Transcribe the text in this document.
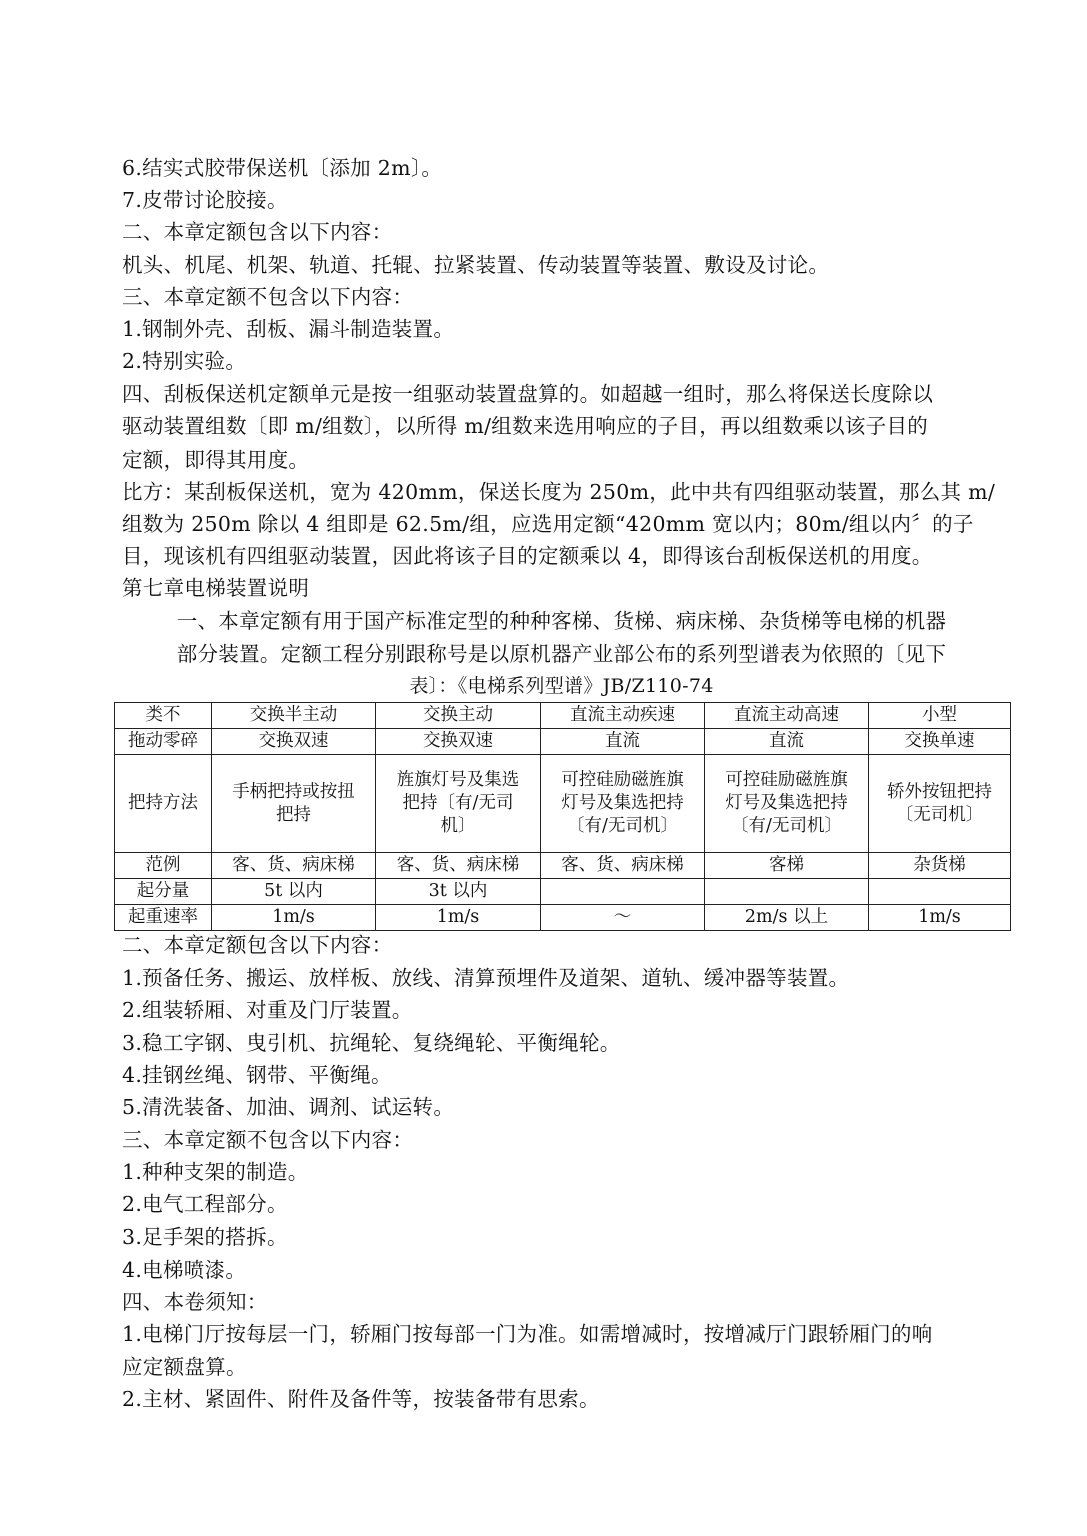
6.结实式胶带保送机〔添加 2m〕。
7.皮带讨论胶接。
二、本章定额包含以下内容：
机头、机尾、机架、轨道、托辊、拉紧装置、传动装置等装置、敷设及讨论。
三、本章定额不包含以下内容：
1.钢制外壳、刮板、漏斗制造装置。
2.特别实验。
四、刮板保送机定额单元是按一组驱动装置盘算的。如超越一组时，那么将保送长度除以
驱动装置组数〔即 m/组数〕，以所得 m/组数来选用响应的子目，再以组数乘以该子目的
定额，即得其用度。
比方：某刮板保送机，宽为 420mm，保送长度为 250m，此中共有四组驱动装置，那么其 m/
组数为 250m 除以 4 组即是 62.5m/组，应选用定额“420mm 宽以内；80m/组以内〞的子
目，现该机有四组驱动装置，因此将该子目的定额乘以 4，即得该台刮板保送机的用度。
第七章电梯装置说明
一、本章定额有用于国产标准定型的种种客梯、货梯、病床梯、杂货梯等电梯的机器
部分装置。定额工程分别跟称号是以原机器产业部公布的系列型谱表为依照的〔见下
表〕：《电梯系列型谱》JB/Z110-74
类不	交换半主动	交换主动	直流主动疾速	直流主动高速	小型
拖动零碎	交换双速	交换双速	直流	直流	交换单速
把持方法	手柄把持或按扭把持	旌旗灯号及集选把持〔有/无司机〕	可控硅励磁旌旗灯号及集选把持〔有/无司机〕	可控硅励磁旌旗灯号及集选把持〔有/无司机〕	轿外按钮把持〔无司机〕
范例	客、货、病床梯	客、货、病床梯	客、货、病床梯	客梯	杂货梯
起分量	5t 以内	3t 以内			
起重速率	1m/s	1m/s	～	2m/s 以上	1m/s
二、本章定额包含以下内容：
1.预备任务、搬运、放样板、放线、清算预埋件及道架、道轨、缓冲器等装置。
2.组装轿厢、对重及门厅装置。
3.稳工字钢、曳引机、抗绳轮、复绕绳轮、平衡绳轮。
4.挂钢丝绳、钢带、平衡绳。
5.清洗装备、加油、调剂、试运转。
三、本章定额不包含以下内容：
1.种种支架的制造。
2.电气工程部分。
3.足手架的搭拆。
4.电梯喷漆。
四、本卷须知：
1.电梯门厅按每层一门，轿厢门按每部一门为准。如需增减时，按增减厅门跟轿厢门的响
应定额盘算。
2.主材、紧固件、附件及备件等，按装备带有思索。
